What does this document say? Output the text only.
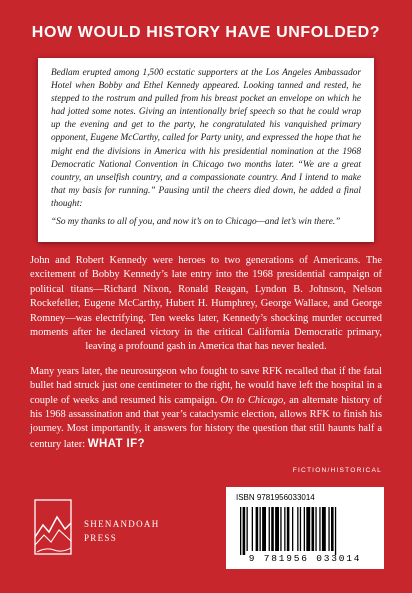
HOW WOULD HISTORY HAVE UNFOLDED?

Bedlam erupted among 1,500 ecstatic supporters at the Los Angeles Ambassador Hotel when Bobby and Ethel Kennedy appeared. Looking tanned and rested, he stepped to the rostrum and pulled from his breast pocket an envelope on which he had jotted some notes. Giving an intentionally brief speech so that he could wrap up the evening and get to the party, he congratulated his vanquished primary opponent, Eugene McCarthy, called for Party unity, and expressed the hope that he might end the divisions in America with his presidential nomination at the 1968 Democratic National Convention in Chicago two months later. “We are a great country, an unselfish country, and a compassionate country. And I intend to make that my basis for running.” Pausing until the cheers died down, he added a final thought:

“So my thanks to all of you, and now it’s on to Chicago—and let’s win there.”

John and Robert Kennedy were heroes to two generations of Americans. The excitement of Bobby Kennedy’s late entry into the 1968 presidential campaign of political titans—Richard Nixon, Ronald Reagan, Lyndon B. Johnson, Nelson Rockefeller, Eugene McCarthy, Hubert H. Humphrey, George Wallace, and George Romney—was electrifying. Ten weeks later, Kennedy’s shocking murder occurred moments after he declared victory in the critical California Democratic primary, leaving a profound gash in America that has never healed.

Many years later, the neurosurgeon who fought to save RFK recalled that if the fatal bullet had struck just one centimeter to the right, he would have left the hospital in a couple of weeks and resumed his campaign. On to Chicago, an alternate history of his 1968 assassination and that year’s cataclysmic election, allows RFK to finish his journey. Most importantly, it answers for history the question that still haunts half a century later: WHAT IF?

FICTION/HISTORICAL
SHENANDOAH
PRESS
ISBN 9781956033014
9 781956 033014
